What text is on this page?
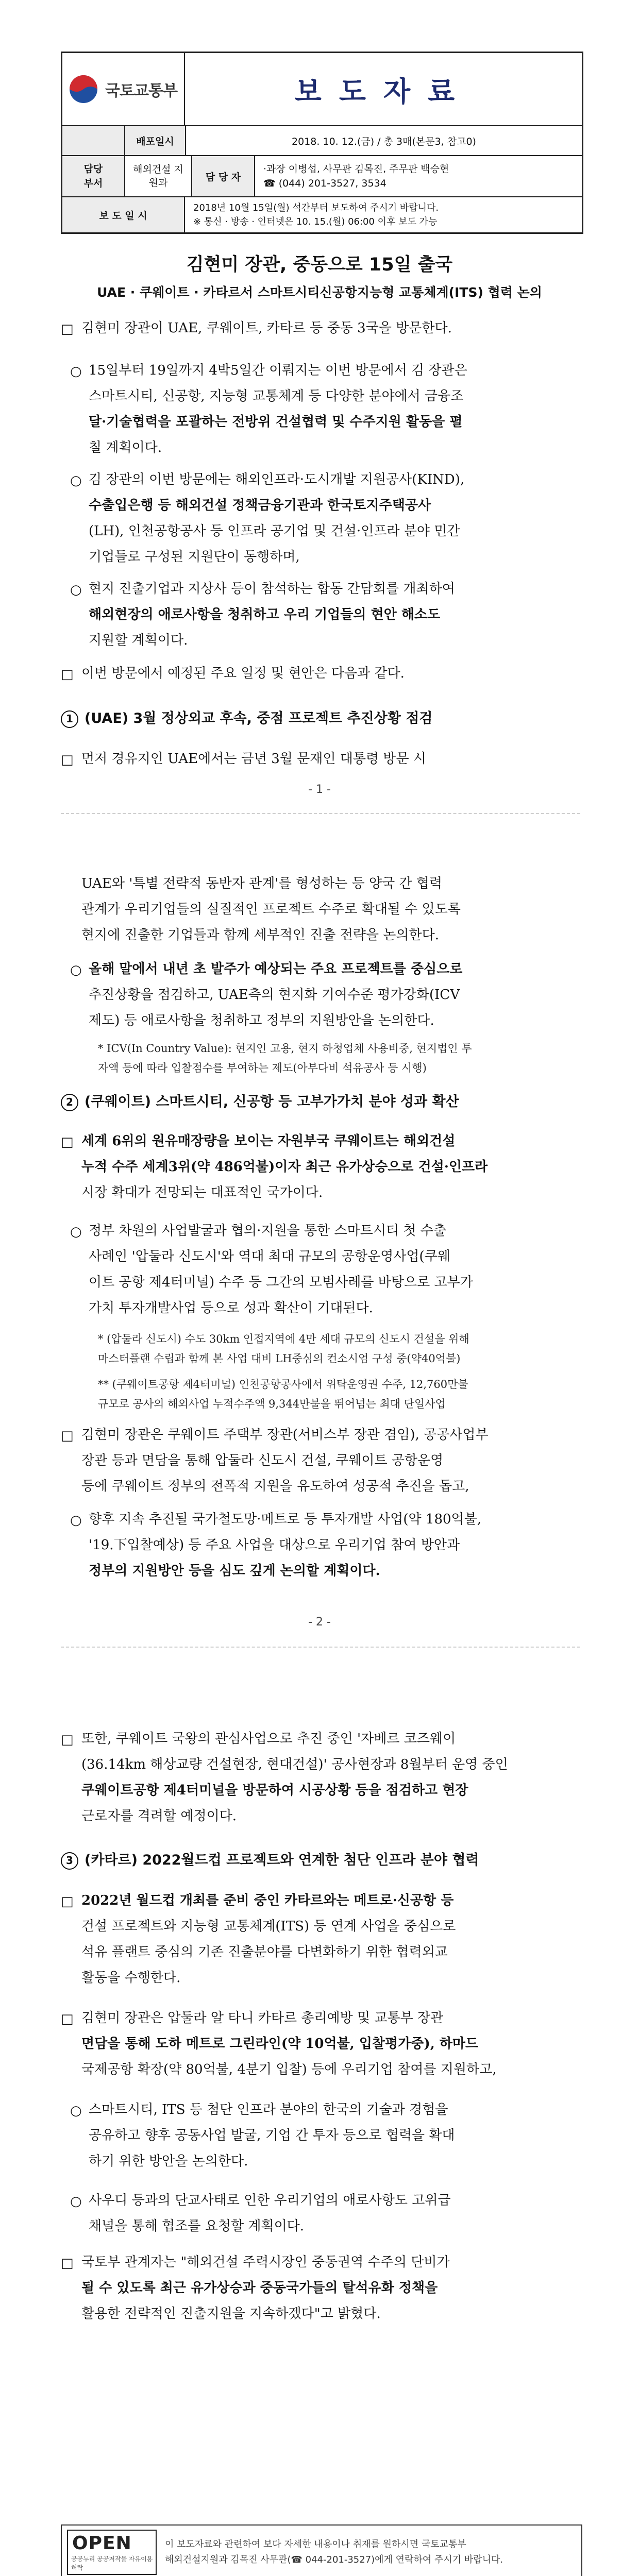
국토교통부	보도자료
배포일시	2018. 10. 12.(금) / 총 3매(본문3, 참고0)
담당 부서
해외건설 지원과
담 당 자
·과장 이병섭, 사무관 김목진, 주무관 백승현
☎ (044) 201-3527, 3534
보 도 일 시
2018년 10월 15일(월) 석간부터 보도하여 주시기 바랍니다.
※ 통신 · 방송 · 인터넷은 10. 15.(월) 06:00 이후 보도 가능
김현미 장관, 중동으로 15일 출국
UAE · 쿠웨이트 · 카타르서 스마트시티신공항지능형 교통체계(ITS) 협력 논의
□ 김현미 장관이 UAE, 쿠웨이트, 카타르 등 중동 3국을 방문한다.
○ 15일부터 19일까지 4박5일간 이뤄지는 이번 방문에서 김 장관은
스마트시티, 신공항, 지능형 교통체계 등 다양한 분야에서 금융조
달·기술협력을 포괄하는 전방위 건설협력 및 수주지원 활동을 펼
칠 계획이다.
○ 김 장관의 이번 방문에는 해외인프라·도시개발 지원공사(KIND),
수출입은행 등 해외건설 정책금융기관과 한국토지주택공사
(LH), 인천공항공사 등 인프라 공기업 및 건설·인프라 분야 민간
기업들로 구성된 지원단이 동행하며,
○ 현지 진출기업과 지상사 등이 참석하는 합동 간담회를 개최하여
해외현장의 애로사항을 청취하고 우리 기업들의 현안 해소도
지원할 계획이다.
□ 이번 방문에서 예정된 주요 일정 및 현안은 다음과 같다.
1 (UAE) 3월 정상외교 후속, 중점 프로젝트 추진상황 점검
□ 먼저 경유지인 UAE에서는 금년 3월 문재인 대통령 방문 시
- 1 -
UAE와 '특별 전략적 동반자 관계'를 형성하는 등 양국 간 협력
관계가 우리기업들의 실질적인 프로젝트 수주로 확대될 수 있도록
현지에 진출한 기업들과 함께 세부적인 진출 전략을 논의한다.
○ 올해 말에서 내년 초 발주가 예상되는 주요 프로젝트를 중심으로
추진상황을 점검하고, UAE측의 현지화 기여수준 평가강화(ICV
제도) 등 애로사항을 청취하고 정부의 지원방안을 논의한다.
* ICV(In Country Value): 현지인 고용, 현지 하청업체 사용비중, 현지법인 투
자액 등에 따라 입찰점수를 부여하는 제도(아부다비 석유공사 등 시행)
2 (쿠웨이트) 스마트시티, 신공항 등 고부가가치 분야 성과 확산
□ 세계 6위의 원유매장량을 보이는 자원부국 쿠웨이트는 해외건설
누적 수주 세계3위(약 486억불)이자 최근 유가상승으로 건설·인프라
시장 확대가 전망되는 대표적인 국가이다.
○ 정부 차원의 사업발굴과 협의·지원을 통한 스마트시티 첫 수출
사례인 '압둘라 신도시'와 역대 최대 규모의 공항운영사업(쿠웨
이트 공항 제4터미널) 수주 등 그간의 모범사례를 바탕으로 고부가
가치 투자개발사업 등으로 성과 확산이 기대된다.
* (압둘라 신도시) 수도 30km 인접지역에 4만 세대 규모의 신도시 건설을 위해
마스터플랜 수립과 함께 본 사업 대비 LH중심의 컨소시엄 구성 중(약40억불)
** (쿠웨이트공항 제4터미널) 인천공항공사에서 위탁운영권 수주, 12,760만불
규모로 공사의 해외사업 누적수주액 9,344만불을 뛰어넘는 최대 단일사업
□ 김현미 장관은 쿠웨이트 주택부 장관(서비스부 장관 겸임), 공공사업부
장관 등과 면담을 통해 압둘라 신도시 건설, 쿠웨이트 공항운영
등에 쿠웨이트 정부의 전폭적 지원을 유도하여 성공적 추진을 돕고,
○ 향후 지속 추진될 국가철도망·메트로 등 투자개발 사업(약 180억불,
'19.下입찰예상) 등 주요 사업을 대상으로 우리기업 참여 방안과
정부의 지원방안 등을 심도 깊게 논의할 계획이다.
- 2 -
□ 또한, 쿠웨이트 국왕의 관심사업으로 추진 중인 '자베르 코즈웨이
(36.14km 해상교량 건설현장, 현대건설)' 공사현장과 8월부터 운영 중인
쿠웨이트공항 제4터미널을 방문하여 시공상황 등을 점검하고 현장
근로자를 격려할 예정이다.
3 (카타르) 2022월드컵 프로젝트와 연계한 첨단 인프라 분야 협력
□ 2022년 월드컵 개최를 준비 중인 카타르와는 메트로·신공항 등
건설 프로젝트와 지능형 교통체계(ITS) 등 연계 사업을 중심으로
석유 플랜트 중심의 기존 진출분야를 다변화하기 위한 협력외교
활동을 수행한다.
□ 김현미 장관은 압둘라 알 타니 카타르 총리예방 및 교통부 장관
면담을 통해 도하 메트로 그린라인(약 10억불, 입찰평가중), 하마드
국제공항 확장(약 80억불, 4분기 입찰) 등에 우리기업 참여를 지원하고,
○ 스마트시티, ITS 등 첨단 인프라 분야의 한국의 기술과 경험을
공유하고 향후 공동사업 발굴, 기업 간 투자 등으로 협력을 확대
하기 위한 방안을 논의한다.
○ 사우디 등과의 단교사태로 인한 우리기업의 애로사항도 고위급
채널을 통해 협조를 요청할 계획이다.
□ 국토부 관계자는 "해외건설 주력시장인 중동권역 수주의 단비가
될 수 있도록 최근 유가상승과 중동국가들의 탈석유화 정책을
활용한 전략적인 진출지원을 지속하겠다"고 밝혔다.
OPEN
공공누리 공공저작물 자유이용허락
이 보도자료와 관련하여 보다 자세한 내용이나 취재를 원하시면 국토교통부
해외건설지원과 김목진 사무관(☎ 044-201-3527)에게 연락하여 주시기 바랍니다.
